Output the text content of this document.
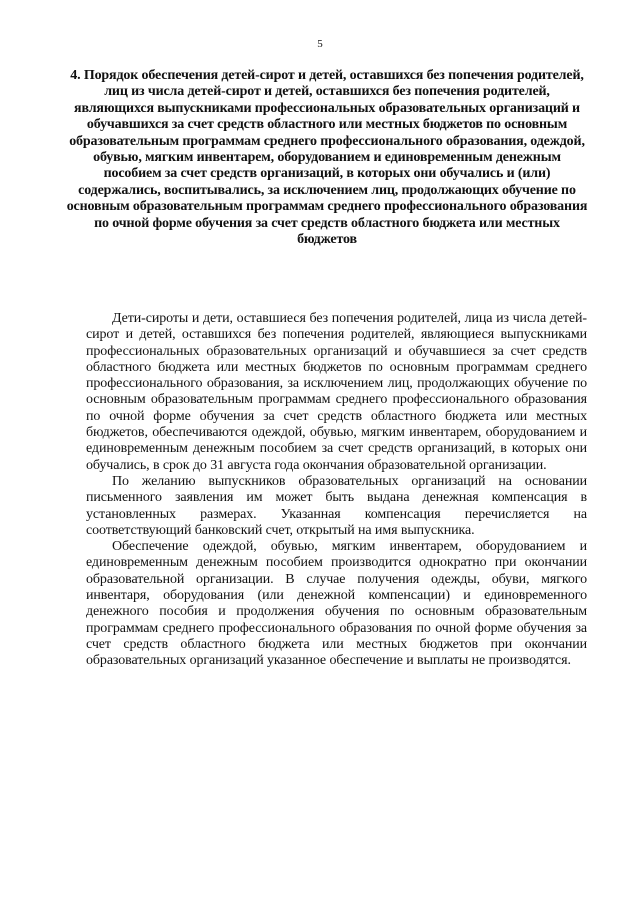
5
4. Порядок обеспечения детей-сирот и детей, оставшихся без попечения родителей, лиц из числа детей-сирот и детей, оставшихся без попечения родителей, являющихся выпускниками профессиональных образовательных организаций и обучавшихся за счет средств областного или местных бюджетов по основным образовательным программам среднего профессионального образования, одеждой, обувью, мягким инвентарем, оборудованием и единовременным денежным пособием за счет средств организаций, в которых они обучались и (или) содержались, воспитывались, за исключением лиц, продолжающих обучение по основным образовательным программам среднего профессионального образования по очной форме обучения за счет средств областного бюджета или местных бюджетов

Дети-сироты и дети, оставшиеся без попечения родителей, лица из числа детей-сирот и детей, оставшихся без попечения родителей, являющиеся выпускниками профессиональных образовательных организаций и обучавшиеся за счет средств областного бюджета или местных бюджетов по основным программам среднего профессионального образования, за исключением лиц, продолжающих обучение по основным образовательным программам среднего профессионального образования по очной форме обучения за счет средств областного бюджета или местных бюджетов, обеспечиваются одеждой, обувью, мягким инвентарем, оборудованием и единовременным денежным пособием за счет средств организаций, в которых они обучались, в срок до 31 августа года окончания образовательной организации.

По желанию выпускников образовательных организаций на основании письменного заявления им может быть выдана денежная компенсация в установленных размерах. Указанная компенсация перечисляется на соответствующий банковский счет, открытый на имя выпускника.

Обеспечение одеждой, обувью, мягким инвентарем, оборудованием и единовременным денежным пособием производится однократно при окончании образовательной организации. В случае получения одежды, обуви, мягкого инвентаря, оборудования (или денежной компенсации) и единовременного денежного пособия и продолжения обучения по основным образовательным программам среднего профессионального образования по очной форме обучения за счет средств областного бюджета или местных бюджетов при окончании образовательных организаций указанное обеспечение и выплаты не производятся.
